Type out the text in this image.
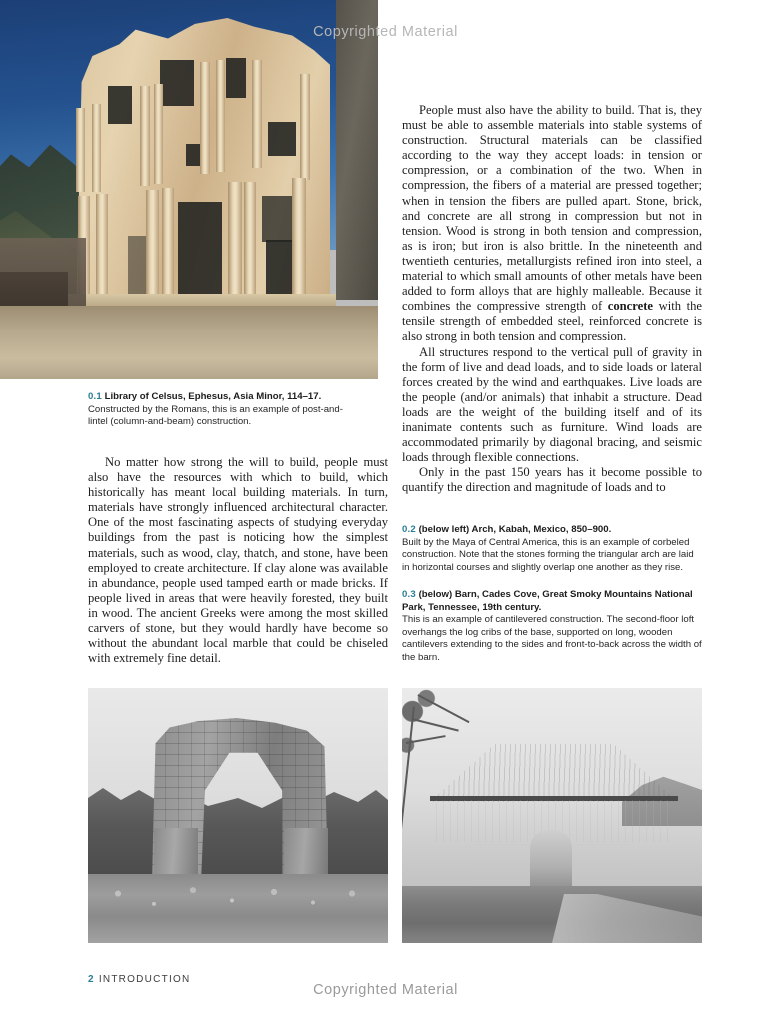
0.1 Library of Celsus, Ephesus, Asia Minor, 114–17.
Constructed by the Romans, this is an example of post-and-lintel (column-and-beam) construction.

No matter how strong the will to build, people must also have the resources with which to build, which historically has meant local building materials. In turn, materials have strongly influenced architectural character. One of the most fascinating aspects of studying everyday buildings from the past is noticing how the simplest materials, such as wood, clay, thatch, and stone, have been employed to create architecture. If clay alone was available in abundance, people used tamped earth or made bricks. If people lived in areas that were heavily forested, they built in wood. The ancient Greeks were among the most skilled carvers of stone, but they would hardly have become so without the abundant local marble that could be chiseled with extremely fine detail.

People must also have the ability to build. That is, they must be able to assemble materials into stable systems of construction. Structural materials can be classified according to the way they accept loads: in tension or compression, or a combination of the two. When in compression, the fibers of a material are pressed together; when in tension the fibers are pulled apart. Stone, brick, and concrete are all strong in compression but not in tension. Wood is strong in both tension and compression, as is iron; but iron is also brittle. In the nineteenth and twentieth centuries, metallurgists refined iron into steel, a material to which small amounts of other metals have been added to form alloys that are highly malleable. Because it combines the compressive strength of concrete with the tensile strength of embedded steel, reinforced concrete is also strong in both tension and compression.

All structures respond to the vertical pull of gravity in the form of live and dead loads, and to side loads or lateral forces created by the wind and earthquakes. Live loads are the people (and/or animals) that inhabit a structure. Dead loads are the weight of the building itself and of its inanimate contents such as furniture. Wind loads are accommodated primarily by diagonal bracing, and seismic loads through flexible connections.

Only in the past 150 years has it become possible to quantify the direction and magnitude of loads and to

0.2 (below left) Arch, Kabah, Mexico, 850–900.
Built by the Maya of Central America, this is an example of corbeled construction. Note that the stones forming the triangular arch are laid in horizontal courses and slightly overlap one another as they rise.
0.3 (below) Barn, Cades Cove, Great Smoky Mountains National Park, Tennessee, 19th century.
This is an example of cantilevered construction. The second-floor loft overhangs the log cribs of the base, supported on long, wooden cantilevers extending to the sides and front-to-back across the width of the barn.
Copyrighted Material
Copyrighted Material
2 INTRODUCTION
